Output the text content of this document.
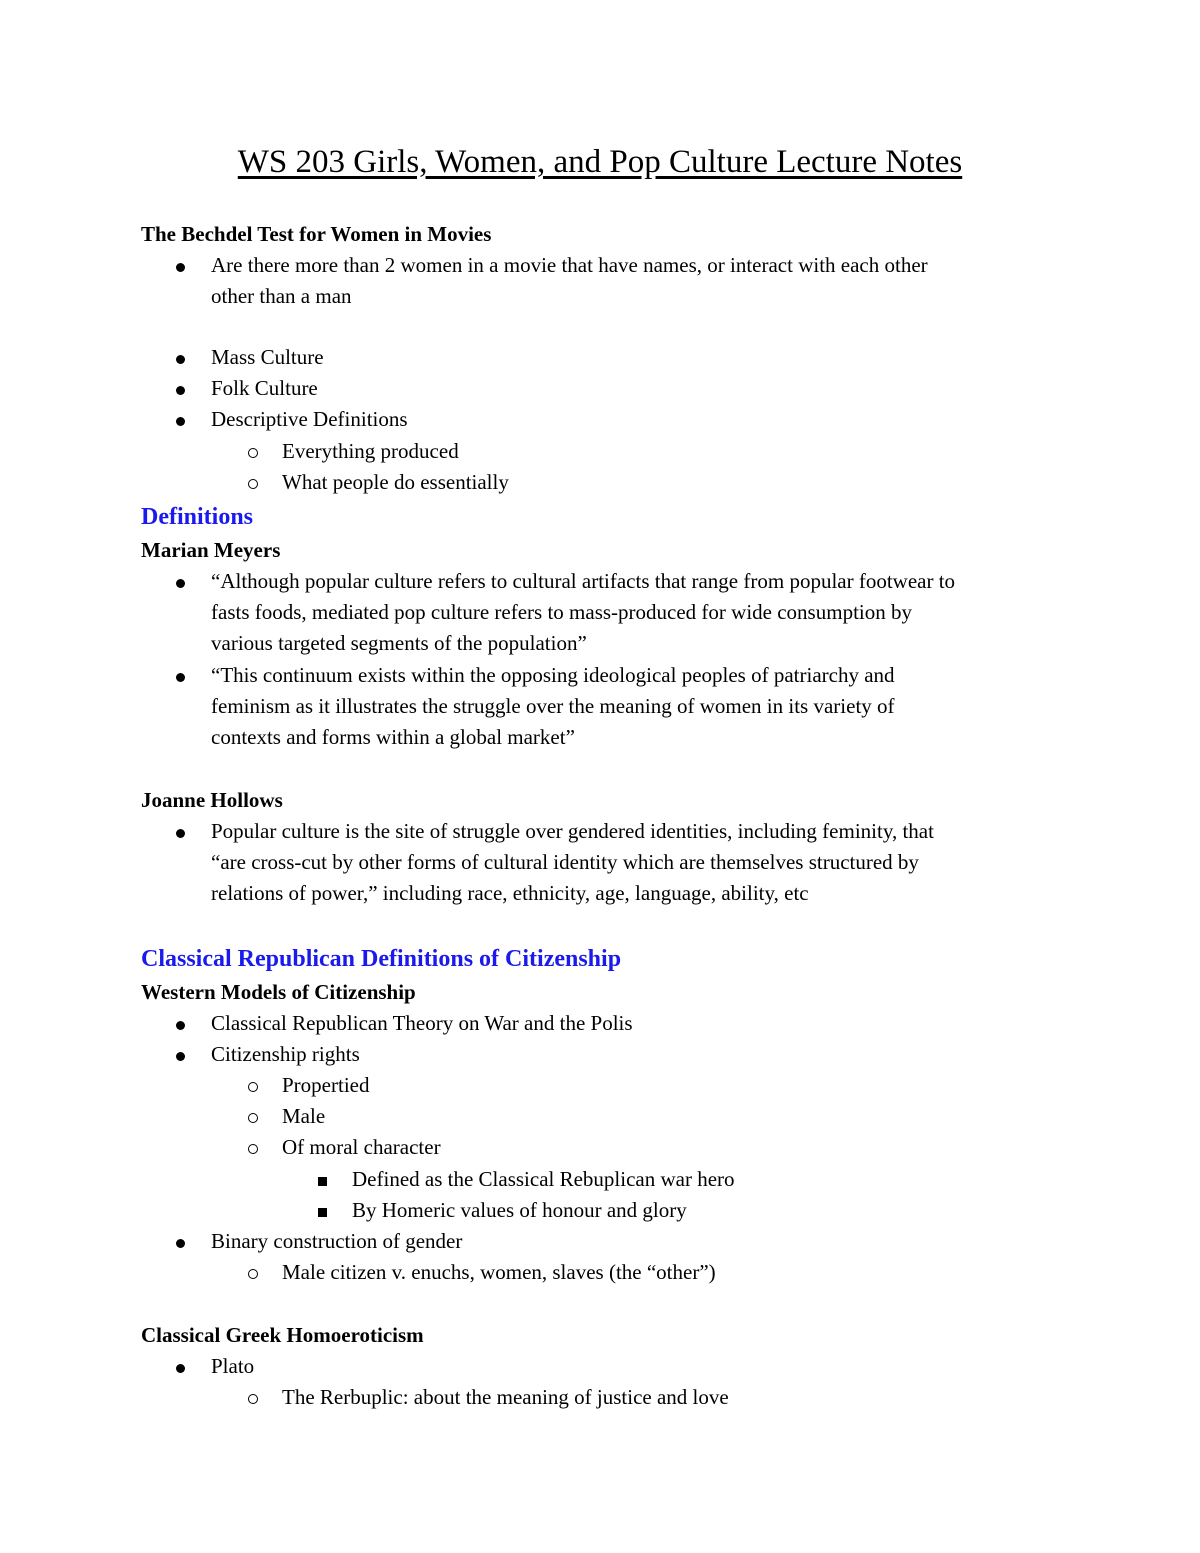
WS 203 Girls, Women, and Pop Culture Lecture Notes
The Bechdel Test for Women in Movies
Are there more than 2 women in a movie that have names, or interact with each other
other than a man
Mass Culture
Folk Culture
Descriptive Definitions
Everything produced
What people do essentially
Definitions
Marian Meyers
“Although popular culture refers to cultural artifacts that range from popular footwear to
fasts foods, mediated pop culture refers to mass-produced for wide consumption by
various targeted segments of the population”
“This continuum exists within the opposing ideological peoples of patriarchy and
feminism as it illustrates the struggle over the meaning of women in its variety of
contexts and forms within a global market”
Joanne Hollows
Popular culture is the site of struggle over gendered identities, including feminity, that
“are cross-cut by other forms of cultural identity which are themselves structured by
relations of power,” including race, ethnicity, age, language, ability, etc
Classical Republican Definitions of Citizenship
Western Models of Citizenship
Classical Republican Theory on War and the Polis
Citizenship rights
Propertied
Male
Of moral character
Defined as the Classical Rebuplican war hero
By Homeric values of honour and glory
Binary construction of gender
Male citizen v. enuchs, women, slaves (the “other”)
Classical Greek Homoeroticism
Plato
The Rerbuplic: about the meaning of justice and love
